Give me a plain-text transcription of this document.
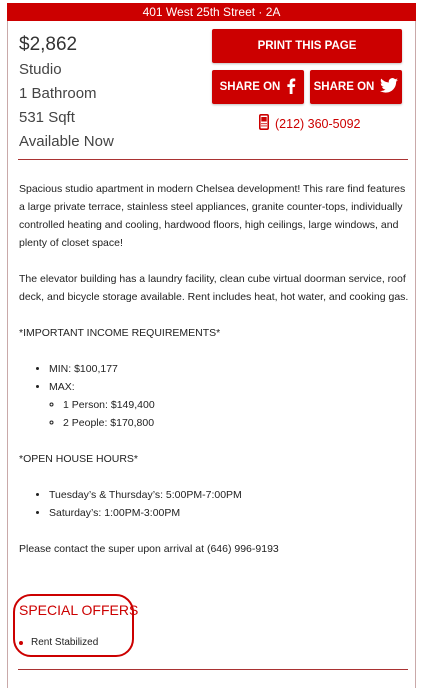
401 West 25th Street · 2A
$2,862
Studio
1 Bathroom
531 Sqft
Available Now
PRINT THIS PAGE
SHARE ON	SHARE ON
(212) 360-5092

Spacious studio apartment in modern Chelsea development! This rare find features a large private terrace, stainless steel appliances, granite counter-tops, individually controlled heating and cooling, hardwood floors, high ceilings, large windows, and plenty of closet space!

The elevator building has a laundry facility, clean cube virtual doorman service, roof deck, and bicycle storage available. Rent includes heat, hot water, and cooking gas.

*IMPORTANT INCOME REQUIREMENTS*

• MIN: $100,177
• MAX:
◦ 1 Person: $149,400
◦ 2 People: $170,800

*OPEN HOUSE HOURS*

• Tuesday’s & Thursday’s: 5:00PM-7:00PM
• Saturday’s: 1:00PM-3:00PM

Please contact the super upon arrival at (646) 996-9193

SPECIAL OFFERS
Rent Stabilized
